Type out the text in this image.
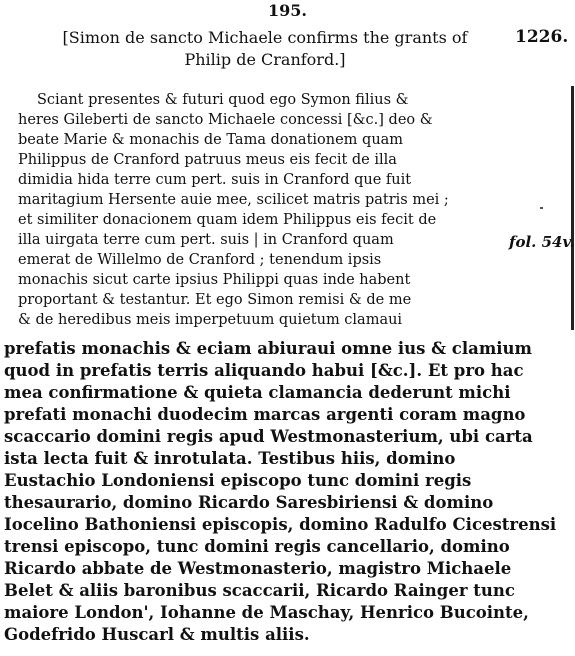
195.
[Simon de sancto Michaele confirms the grants of
Philip de Cranford.]
1226.
Sciant presentes & futuri quod ego Symon filius &
heres Gileberti de sancto Michaele concessi [&c.] deo &
beate Marie & monachis de Tama donationem quam
Philippus de Cranford patruus meus eis fecit de illa
dimidia hida terre cum pert. suis in Cranford que fuit
maritagium Hersente auie mee, scilicet matris patris mei ;
et similiter donacionem quam idem Philippus eis fecit de
illa uirgata terre cum pert. suis | in Cranford quam
emerat de Willelmo de Cranford ; tenendum ipsis
monachis sicut carte ipsius Philippi quas inde habent
proportant & testantur. Et ego Simon remisi & de me
& de heredibus meis imperpetuum quietum clamaui
fol. 54v.
prefatis monachis & eciam abiuraui omne ius & clamium
quod in prefatis terris aliquando habui [&c.]. Et pro hac
mea confirmatione & quieta clamancia dederunt michi
prefati monachi duodecim marcas argenti coram magno
scaccario domini regis apud Westmonasterium, ubi carta
ista lecta fuit & inrotulata. Testibus hiis, domino
Eustachio Londoniensi episcopo tunc domini regis
thesaurario, domino Ricardo Saresbiriensi & domino
Iocelino Bathoniensi episcopis, domino Radulfo Cicestrensi
trensi episcopo, tunc domini regis cancellario, domino
Ricardo abbate de Westmonasterio, magistro Michaele
Belet & aliis baronibus scaccarii, Ricardo Rainger tunc
maiore London', Iohanne de Maschay, Henrico Bucointe,
Godefrido Huscarl & multis aliis.
